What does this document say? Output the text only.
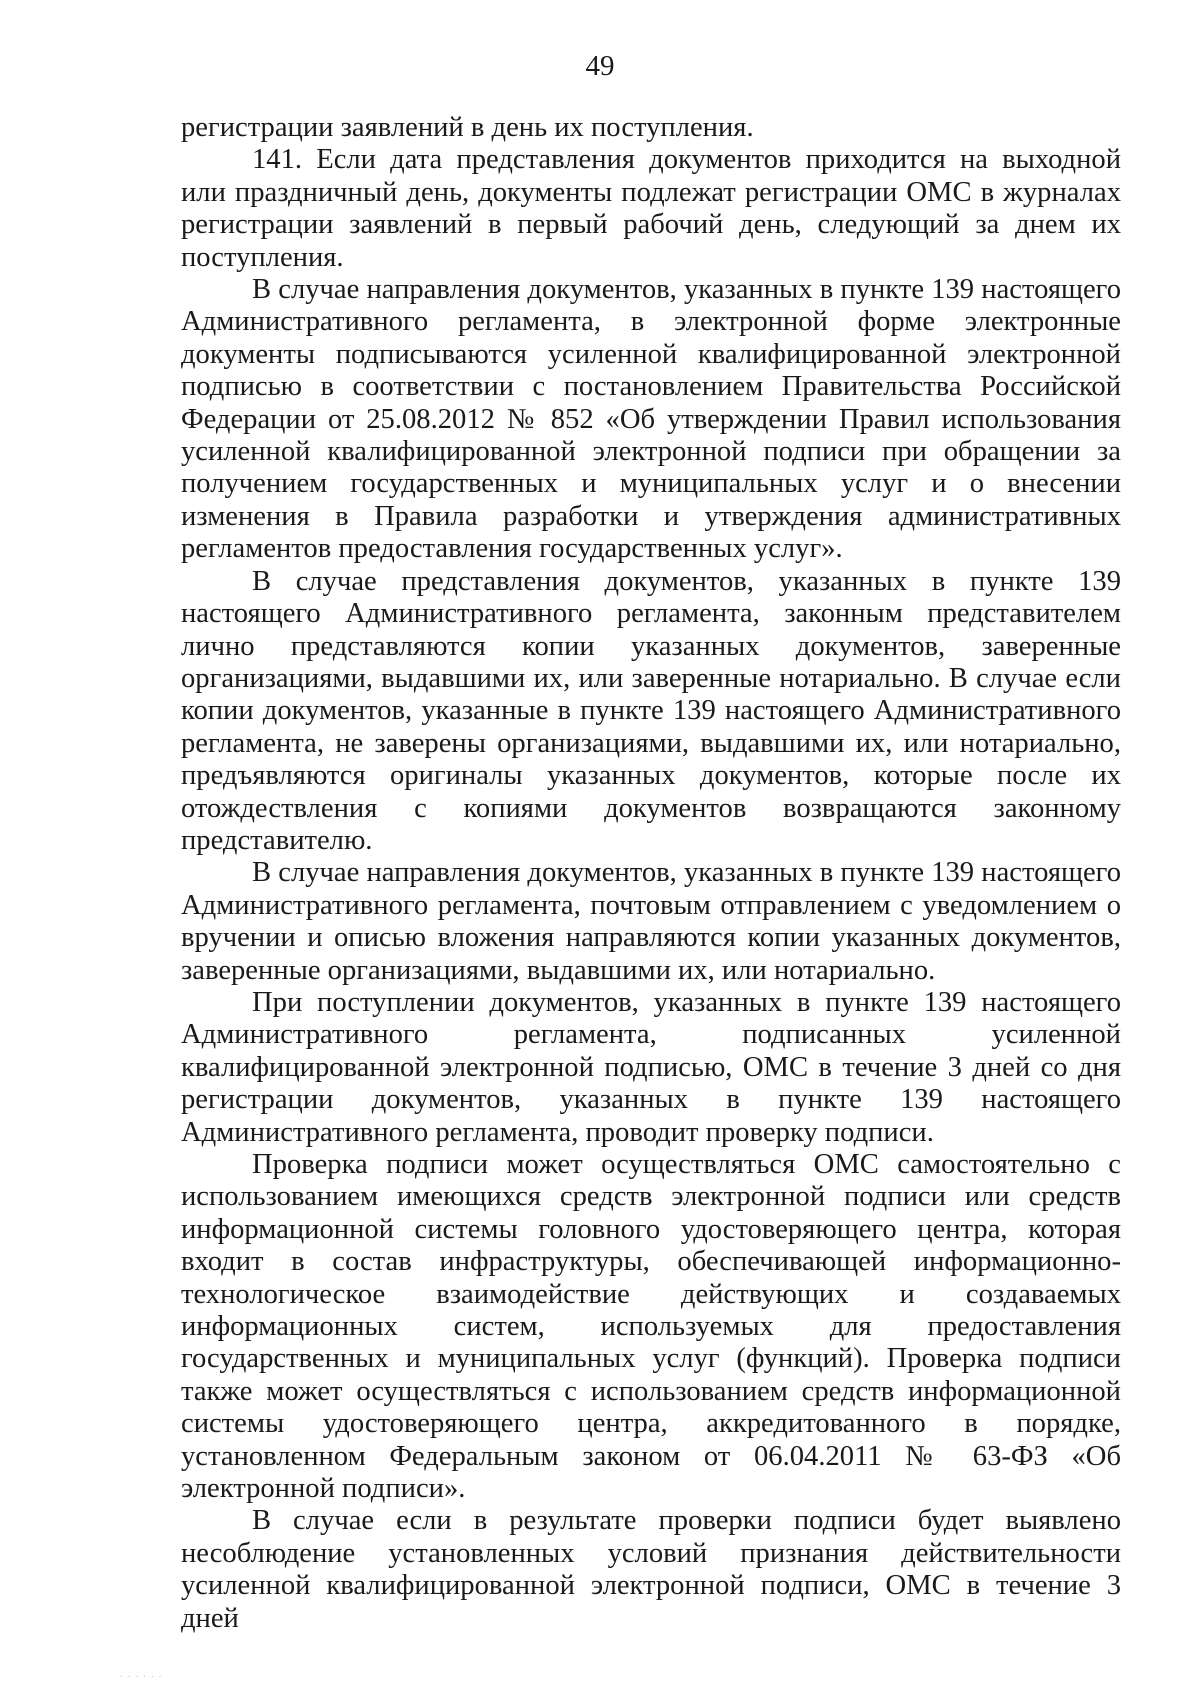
49

регистрации заявлений в день их поступления.

141. Если дата представления документов приходится на выходной или праздничный день, документы подлежат регистрации ОМС в журналах регистрации заявлений в первый рабочий день, следующий за днем их поступления.

В случае направления документов, указанных в пункте 139 настоящего Административного регламента, в электронной форме электронные документы подписываются усиленной квалифицированной электронной подписью в соответствии с постановлением Правительства Российской Федерации от 25.08.2012 № 852 «Об утверждении Правил использования усиленной квалифицированной электронной подписи при обращении за получением государственных и муниципальных услуг и о внесении изменения в Правила разработки и утверждения административных регламентов предоставления государственных услуг».

В случае представления документов, указанных в пункте 139 настоящего Административного регламента, законным представителем лично представляются копии указанных документов, заверенные организациями, выдавшими их, или заверенные нотариально. В случае если копии документов, указанные в пункте 139 настоящего Административного регламента, не заверены организациями, выдавшими их, или нотариально, предъявляются оригиналы указанных документов, которые после их отождествления с копиями документов возвращаются законному представителю.

В случае направления документов, указанных в пункте 139 настоящего Административного регламента, почтовым отправлением с уведомлением о вручении и описью вложения направляются копии указанных документов, заверенные организациями, выдавшими их, или нотариально.

При поступлении документов, указанных в пункте 139 настоящего Административного регламента, подписанных усиленной квалифицированной электронной подписью, ОМС в течение 3 дней со дня регистрации документов, указанных в пункте 139 настоящего Административного регламента, проводит проверку подписи.

Проверка подписи может осуществляться ОМС самостоятельно с использованием имеющихся средств электронной подписи или средств информационной системы головного удостоверяющего центра, которая входит в состав инфраструктуры, обеспечивающей информационно-технологическое взаимодействие действующих и создаваемых информационных систем, используемых для предоставления государственных и муниципальных услуг (функций). Проверка подписи также может осуществляться с использованием средств информационной системы удостоверяющего центра, аккредитованного в порядке, установленном Федеральным законом от 06.04.2011 № 63-ФЗ «Об электронной подписи».

В случае если в результате проверки подписи будет выявлено несоблюдение установленных условий признания действительности усиленной квалифицированной электронной подписи, ОМС в течение 3 дней

. . . . . .
